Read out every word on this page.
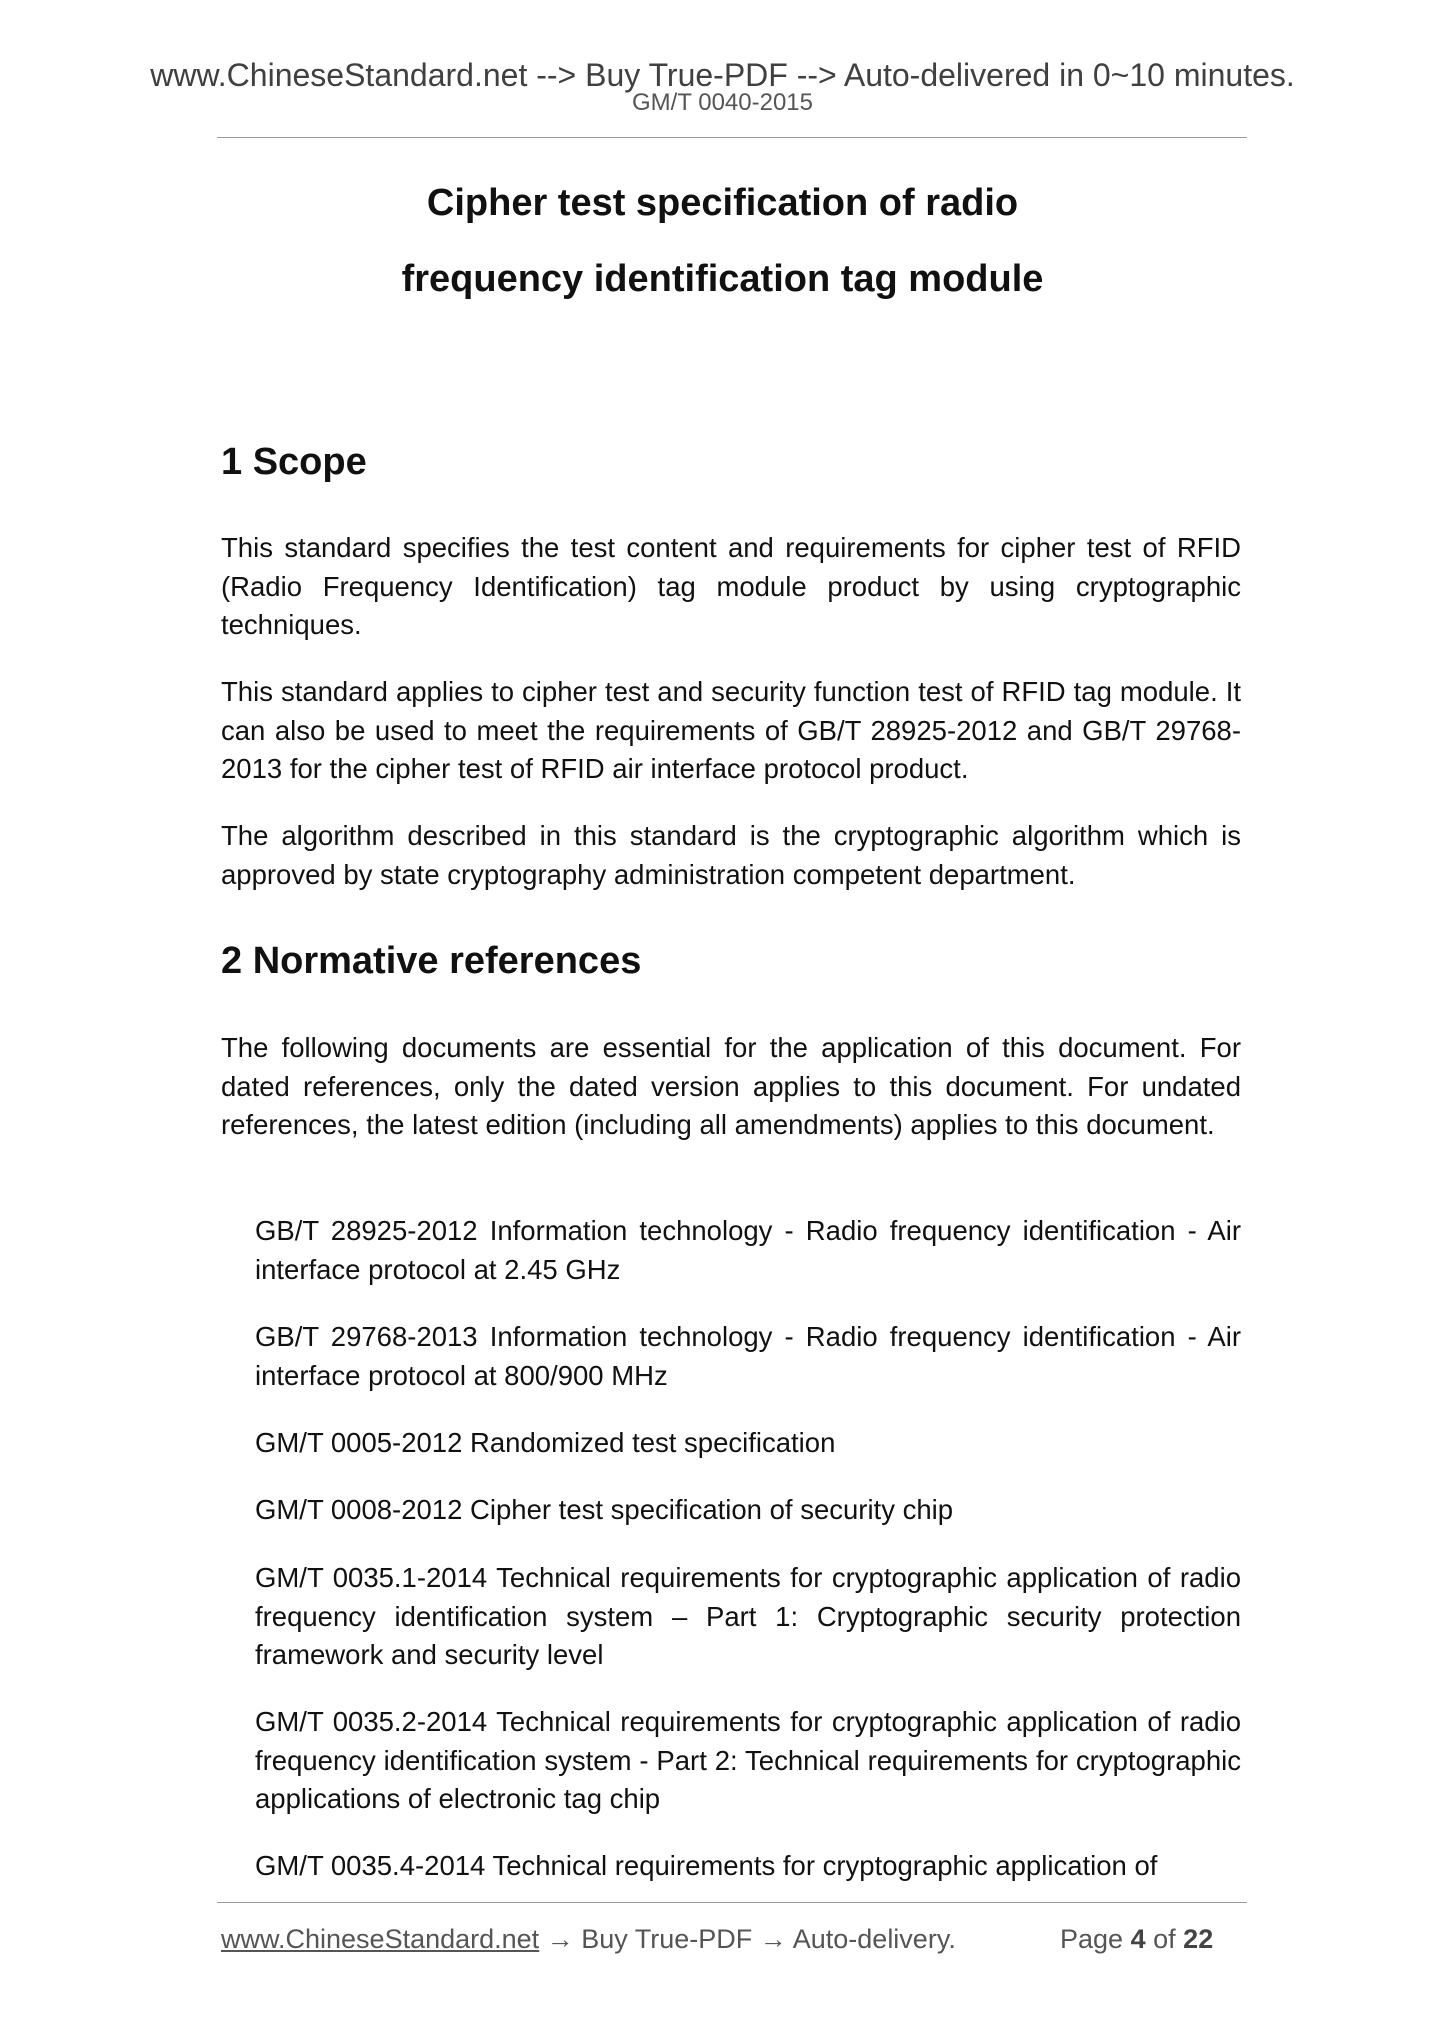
www.ChineseStandard.net --> Buy True-PDF --> Auto-delivered in 0~10 minutes.
GM/T 0040-2015
Cipher test specification of radio
frequency identification tag module
1 Scope

This standard specifies the test content and requirements for cipher test of RFID (Radio Frequency Identification) tag module product by using cryptographic techniques.

This standard applies to cipher test and security function test of RFID tag module. It can also be used to meet the requirements of GB/T 28925-2012 and GB/T 29768-2013 for the cipher test of RFID air interface protocol product.

The algorithm described in this standard is the cryptographic algorithm which is approved by state cryptography administration competent department.

2 Normative references

The following documents are essential for the application of this document. For dated references, only the dated version applies to this document. For undated references, the latest edition (including all amendments) applies to this document.

GB/T 28925-2012 Information technology - Radio frequency identification - Air interface protocol at 2.45 GHz

GB/T 29768-2013 Information technology - Radio frequency identification - Air interface protocol at 800/900 MHz

GM/T 0005-2012 Randomized test specification

GM/T 0008-2012 Cipher test specification of security chip

GM/T 0035.1-2014 Technical requirements for cryptographic application of radio frequency identification system – Part 1: Cryptographic security protection framework and security level

GM/T 0035.2-2014 Technical requirements for cryptographic application of radio frequency identification system - Part 2: Technical requirements for cryptographic applications of electronic tag chip

GM/T 0035.4-2014 Technical requirements for cryptographic application of

www.ChineseStandard.net → Buy True-PDF → Auto-delivery.	Page 4 of 22
